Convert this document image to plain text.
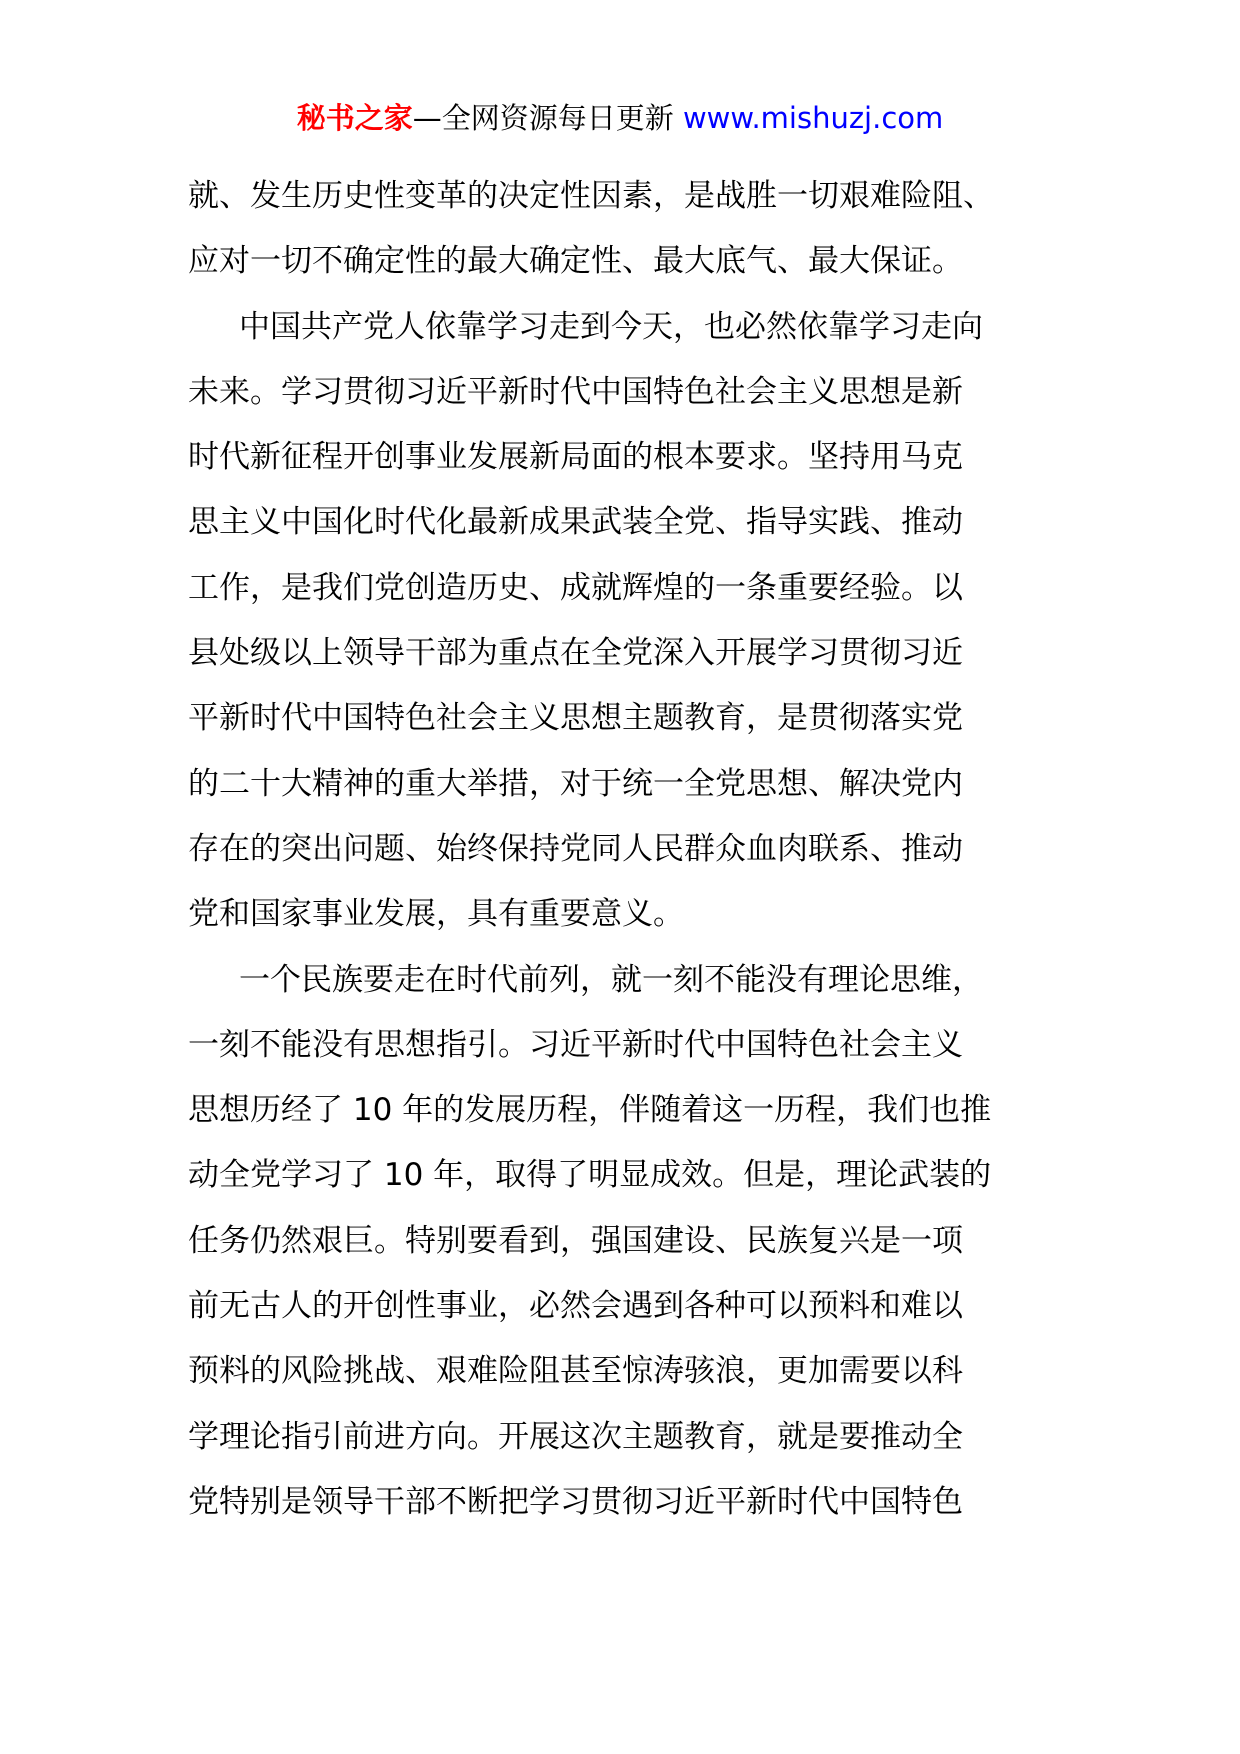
秘书之家—全网资源每日更新 www.mishuzj.com
就、发生历史性变革的决定性因素，是战胜一切艰难险阻、
应对一切不确定性的最大确定性、最大底气、最大保证。
中国共产党人依靠学习走到今天，也必然依靠学习走向
未来。学习贯彻习近平新时代中国特色社会主义思想是新
时代新征程开创事业发展新局面的根本要求。坚持用马克
思主义中国化时代化最新成果武装全党、指导实践、推动
工作，是我们党创造历史、成就辉煌的一条重要经验。以
县处级以上领导干部为重点在全党深入开展学习贯彻习近
平新时代中国特色社会主义思想主题教育，是贯彻落实党
的二十大精神的重大举措，对于统一全党思想、解决党内
存在的突出问题、始终保持党同人民群众血肉联系、推动
党和国家事业发展，具有重要意义。
一个民族要走在时代前列，就一刻不能没有理论思维，
一刻不能没有思想指引。习近平新时代中国特色社会主义
思想历经了 10 年的发展历程，伴随着这一历程，我们也推
动全党学习了 10 年，取得了明显成效。但是，理论武装的
任务仍然艰巨。特别要看到，强国建设、民族复兴是一项
前无古人的开创性事业，必然会遇到各种可以预料和难以
预料的风险挑战、艰难险阻甚至惊涛骇浪，更加需要以科
学理论指引前进方向。开展这次主题教育，就是要推动全
党特别是领导干部不断把学习贯彻习近平新时代中国特色
